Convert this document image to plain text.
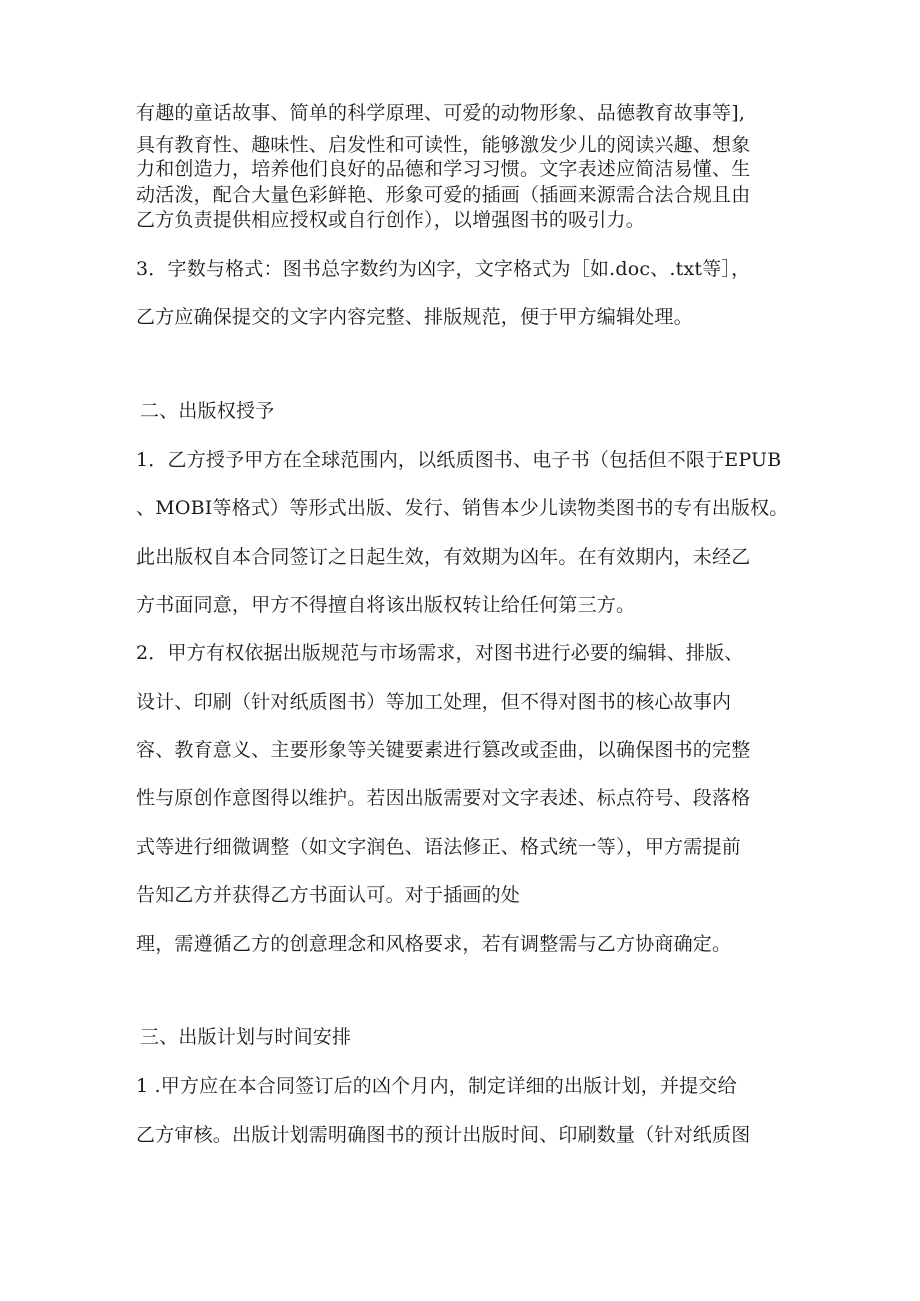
有趣的童话故事、简单的科学原理、可爱的动物形象、品德教育故事等],
具有教育性、趣味性、启发性和可读性，能够激发少儿的阅读兴趣、想象
力和创造力，培养他们良好的品德和学习习惯。文字表述应简洁易懂、生
动活泼，配合大量色彩鲜艳、形象可爱的插画（插画来源需合法合规且由
乙方负责提供相应授权或自行创作），以增强图书的吸引力。
3．字数与格式：图书总字数约为凶字，文字格式为［如.doc、.txt等］，
乙方应确保提交的文字内容完整、排版规范，便于甲方编辑处理。
二、出版权授予
1．乙方授予甲方在全球范围内，以纸质图书、电子书（包括但不限于EPUB
、MOBI等格式）等形式出版、发行、销售本少儿读物类图书的专有出版权。
此出版权自本合同签订之日起生效，有效期为凶年。在有效期内，未经乙
方书面同意，甲方不得擅自将该出版权转让给任何第三方。
2．甲方有权依据出版规范与市场需求，对图书进行必要的编辑、排版、
设计、印刷（针对纸质图书）等加工处理，但不得对图书的核心故事内
容、教育意义、主要形象等关键要素进行篡改或歪曲，以确保图书的完整
性与原创作意图得以维护。若因出版需要对文字表述、标点符号、段落格
式等进行细微调整（如文字润色、语法修正、格式统一等），甲方需提前
告知乙方并获得乙方书面认可。对于插画的处
理，需遵循乙方的创意理念和风格要求，若有调整需与乙方协商确定。
三、出版计划与时间安排
1 .甲方应在本合同签订后的凶个月内，制定详细的出版计划，并提交给
乙方审核。出版计划需明确图书的预计出版时间、印刷数量（针对纸质图
